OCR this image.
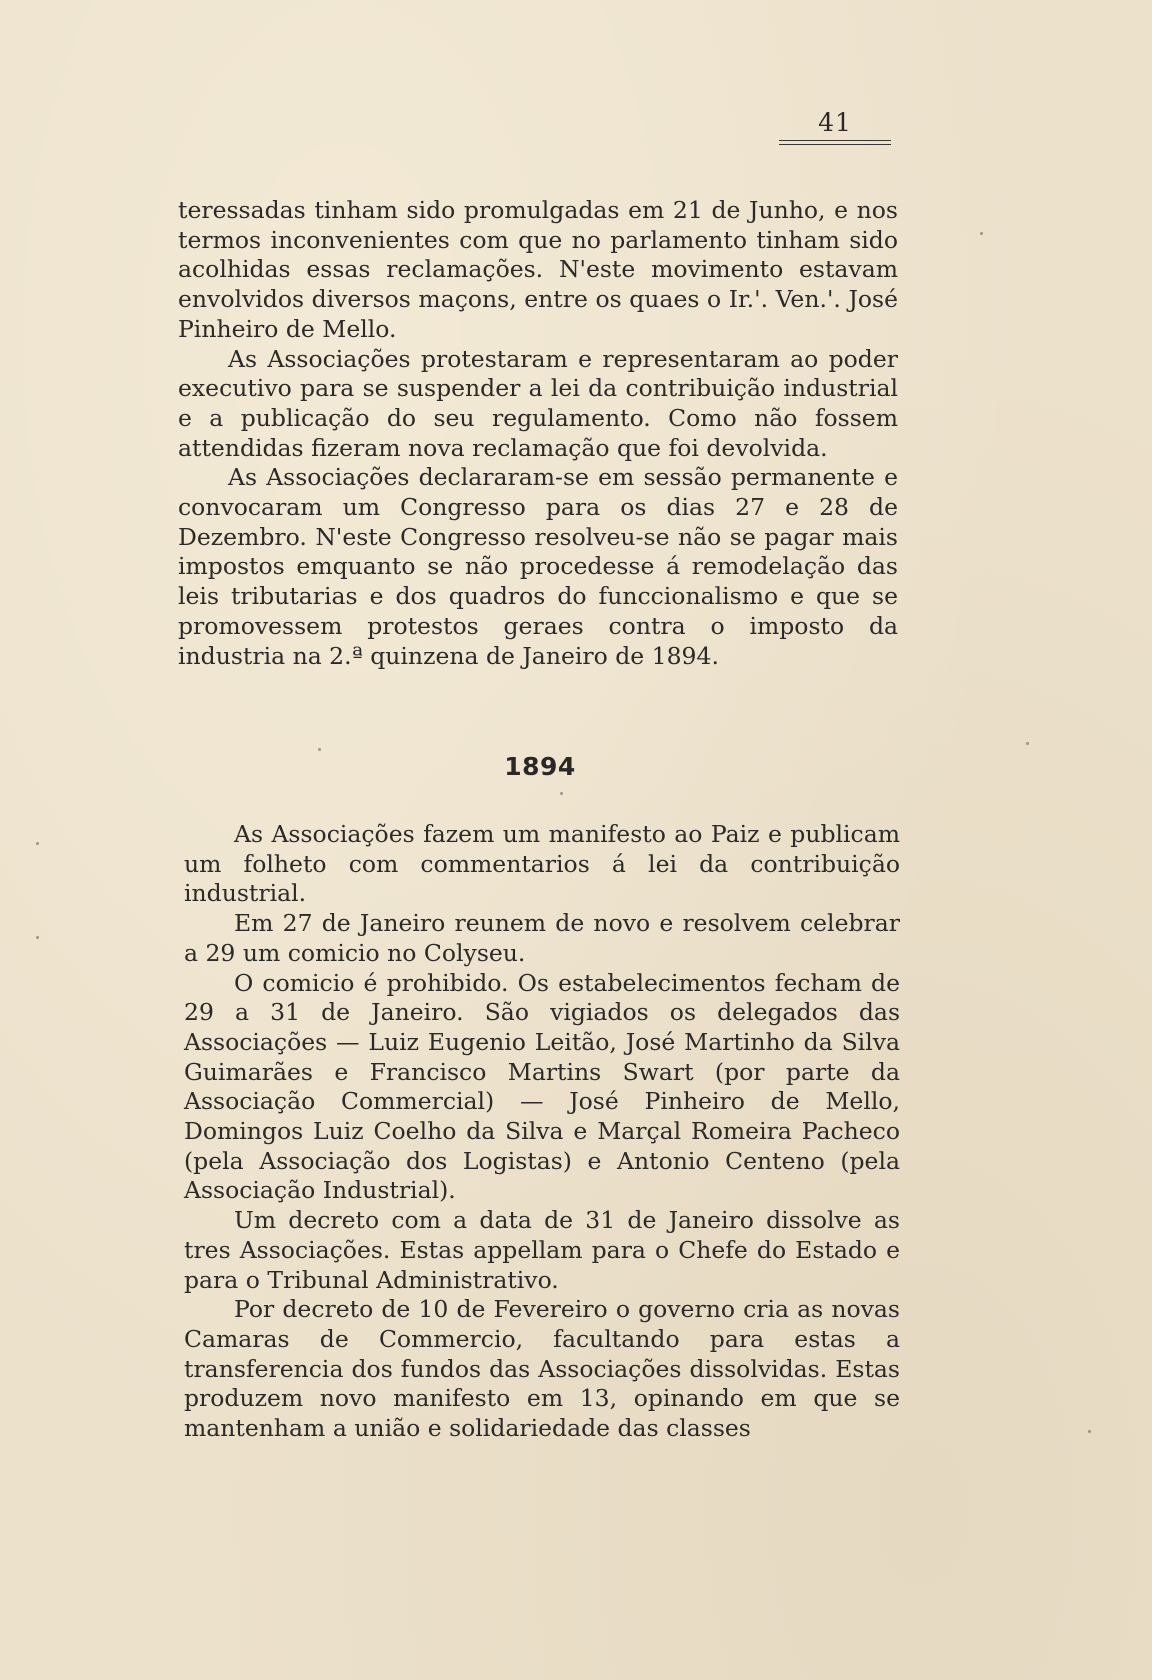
41

teressadas tinham sido promulgadas em 21 de Junho, e nos termos inconvenientes com que no parlamento tinham sido acolhidas essas reclamações. N'este movimento estavam envolvidos diversos maçons, entre os quaes o Ir.'. Ven.'. José Pinheiro de Mello.

As Associações protestaram e representaram ao poder executivo para se suspender a lei da contribuição industrial e a publicação do seu regulamento. Como não fossem attendidas fizeram nova reclamação que foi devolvida.

As Associações declararam-se em sessão permanente e convocaram um Congresso para os dias 27 e 28 de Dezembro. N'este Congresso resolveu-se não se pagar mais impostos emquanto se não procedesse á remodelação das leis tributarias e dos quadros do funccionalismo e que se promovessem protestos geraes contra o imposto da industria na 2.ª quinzena de Janeiro de 1894.

1894

As Associações fazem um manifesto ao Paiz e publicam um folheto com commentarios á lei da contribuição industrial.

Em 27 de Janeiro reunem de novo e resolvem celebrar a 29 um comicio no Colyseu.

O comicio é prohibido. Os estabelecimentos fecham de 29 a 31 de Janeiro. São vigiados os delegados das Associações — Luiz Eugenio Leitão, José Martinho da Silva Guimarães e Francisco Martins Swart (por parte da Associação Commercial) — José Pinheiro de Mello, Domingos Luiz Coelho da Silva e Marçal Romeira Pacheco (pela Associação dos Logistas) e Antonio Centeno (pela Associação Industrial).

Um decreto com a data de 31 de Janeiro dissolve as tres Associações. Estas appellam para o Chefe do Estado e para o Tribunal Administrativo.

Por decreto de 10 de Fevereiro o governo cria as novas Camaras de Commercio, facultando para estas a transferencia dos fundos das Associações dissolvidas. Estas produzem novo manifesto em 13, opinando em que se mantenham a união e solidariedade das classes
